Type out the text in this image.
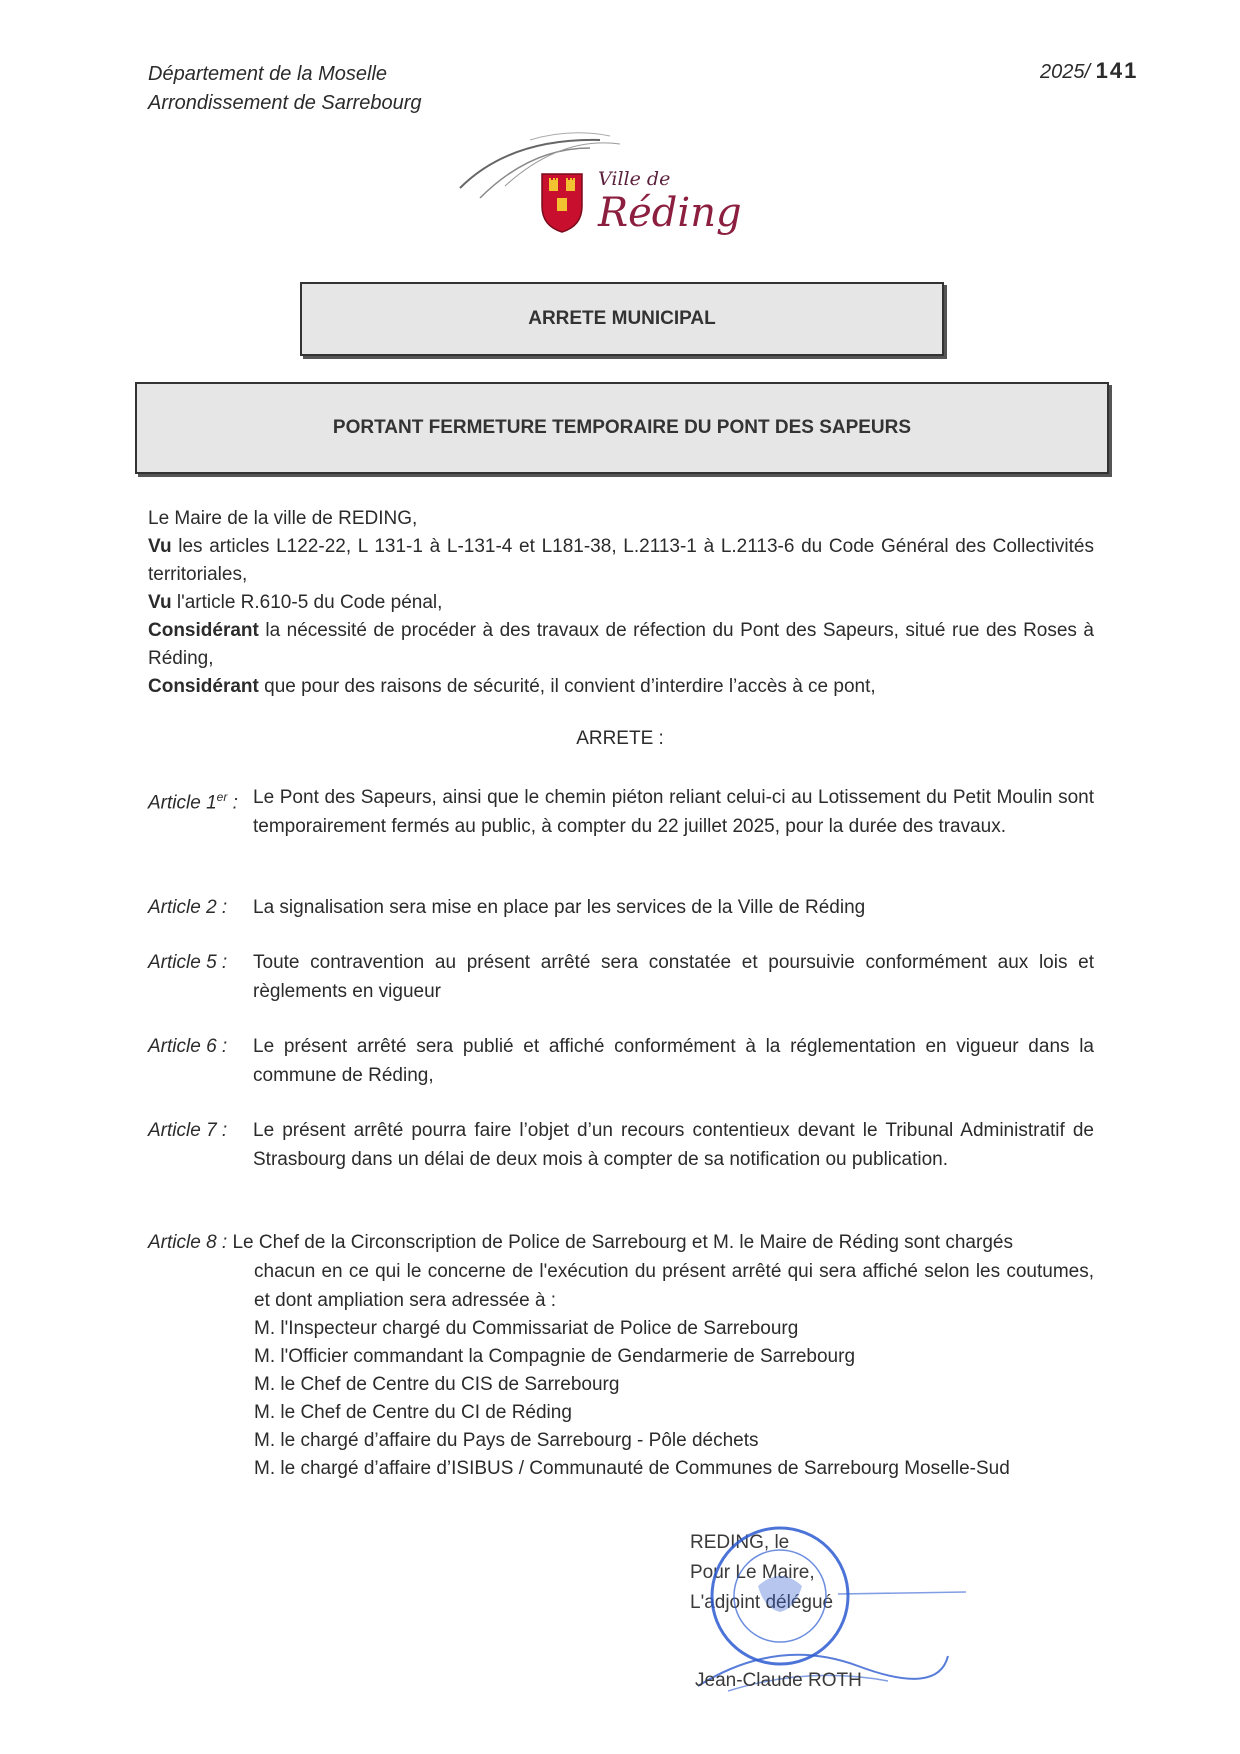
Département de la Moselle
Arrondissement de Sarrebourg
2025/ 141
Ville de Réding
ARRETE MUNICIPAL
PORTANT FERMETURE TEMPORAIRE DU PONT DES SAPEURS

Le Maire de la ville de REDING,

Vu les articles L122-22, L 131-1 à L-131-4 et L181-38, L.2113-1 à L.2113-6 du Code Général des Collectivités territoriales,

Vu l'article R.610-5 du Code pénal,

Considérant la nécessité de procéder à des travaux de réfection du Pont des Sapeurs, situé rue des Roses à Réding,

Considérant que pour des raisons de sécurité, il convient d’interdire l’accès à ce pont,

ARRETE :
Article 1er : Le Pont des Sapeurs, ainsi que le chemin piéton reliant celui-ci au Lotissement du Petit Moulin sont temporairement fermés au public, à compter du 22 juillet 2025, pour la durée des travaux.
Article 2 : La signalisation sera mise en place par les services de la Ville de Réding
Article 5 : Toute contravention au présent arrêté sera constatée et poursuivie conformément aux lois et règlements en vigueur
Article 6 : Le présent arrêté sera publié et affiché conformément à la réglementation en vigueur dans la commune de Réding,
Article 7 : Le présent arrêté pourra faire l’objet d’un recours contentieux devant le Tribunal Administratif de Strasbourg dans un délai de deux mois à compter de sa notification ou publication.
Article 8 : Le Chef de la Circonscription de Police de Sarrebourg et M. le Maire de Réding sont chargés
chacun en ce qui le concerne de l'exécution du présent arrêté qui sera affiché selon les coutumes, et dont ampliation sera adressée à :
M. l'Inspecteur chargé du Commissariat de Police de Sarrebourg
M. l'Officier commandant la Compagnie de Gendarmerie de Sarrebourg
M. le Chef de Centre du CIS de Sarrebourg
M. le Chef de Centre du CI de Réding
M. le chargé d’affaire du Pays de Sarrebourg - Pôle déchets
M. le chargé d’affaire d’ISIBUS / Communauté de Communes de Sarrebourg Moselle-Sud
REDING, le
Pour Le Maire,
L'adjoint délégué
Jean-Claude ROTH
